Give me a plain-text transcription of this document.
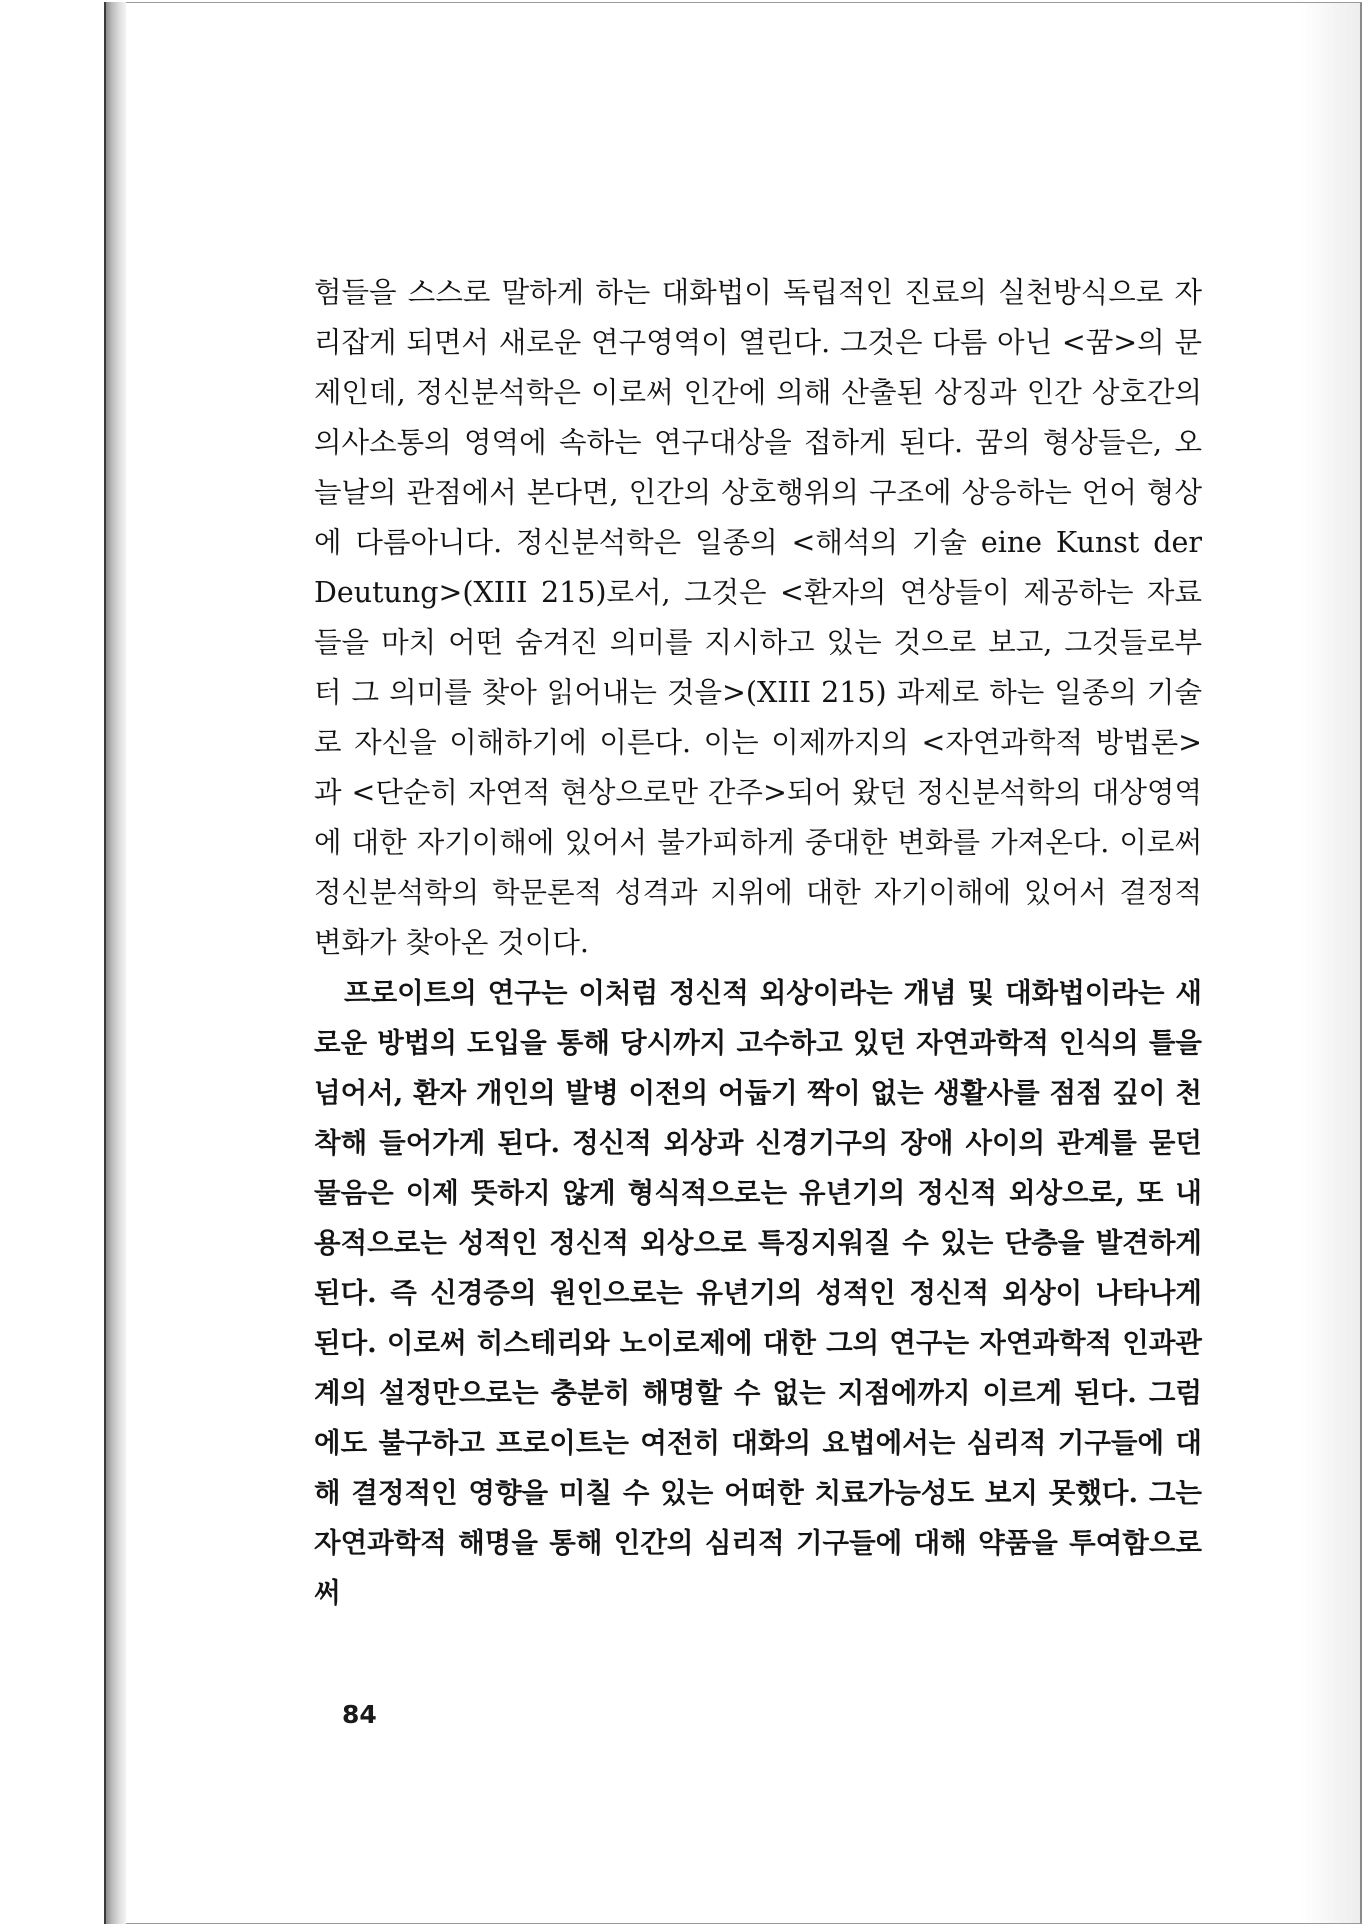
험들을 스스로 말하게 하는 대화법이 독립적인 진료의 실천방식으로 자리잡게 되면서 새로운 연구영역이 열린다. 그것은 다름 아닌 <꿈>의 문제인데, 정신분석학은 이로써 인간에 의해 산출된 상징과 인간 상호간의 의사소통의 영역에 속하는 연구대상을 접하게 된다. 꿈의 형상들은, 오늘날의 관점에서 본다면, 인간의 상호행위의 구조에 상응하는 언어 형상에 다름아니다. 정신분석학은 일종의 <해석의 기술 eine Kunst der Deutung>(XIII 215)로서, 그것은 <환자의 연상들이 제공하는 자료들을 마치 어떤 숨겨진 의미를 지시하고 있는 것으로 보고, 그것들로부터 그 의미를 찾아 읽어내는 것을>(XIII 215) 과제로 하는 일종의 기술로 자신을 이해하기에 이른다. 이는 이제까지의 <자연과학적 방법론>과 <단순히 자연적 현상으로만 간주>되어 왔던 정신분석학의 대상영역에 대한 자기이해에 있어서 불가피하게 중대한 변화를 가져온다. 이로써 정신분석학의 학문론적 성격과 지위에 대한 자기이해에 있어서 결정적 변화가 찾아온 것이다.

프로이트의 연구는 이처럼 정신적 외상이라는 개념 및 대화법이라는 새로운 방법의 도입을 통해 당시까지 고수하고 있던 자연과학적 인식의 틀을 넘어서, 환자 개인의 발병 이전의 어둡기 짝이 없는 생활사를 점점 깊이 천착해 들어가게 된다. 정신적 외상과 신경기구의 장애 사이의 관계를 묻던 물음은 이제 뜻하지 않게 형식적으로는 유년기의 정신적 외상으로, 또 내용적으로는 성적인 정신적 외상으로 특징지워질 수 있는 단층을 발견하게 된다. 즉 신경증의 원인으로는 유년기의 성적인 정신적 외상이 나타나게 된다. 이로써 히스테리와 노이로제에 대한 그의 연구는 자연과학적 인과관계의 설정만으로는 충분히 해명할 수 없는 지점에까지 이르게 된다. 그럼에도 불구하고 프로이트는 여전히 대화의 요법에서는 심리적 기구들에 대해 결정적인 영향을 미칠 수 있는 어떠한 치료가능성도 보지 못했다. 그는 자연과학적 해명을 통해 인간의 심리적 기구들에 대해 약품을 투여함으로써

84
